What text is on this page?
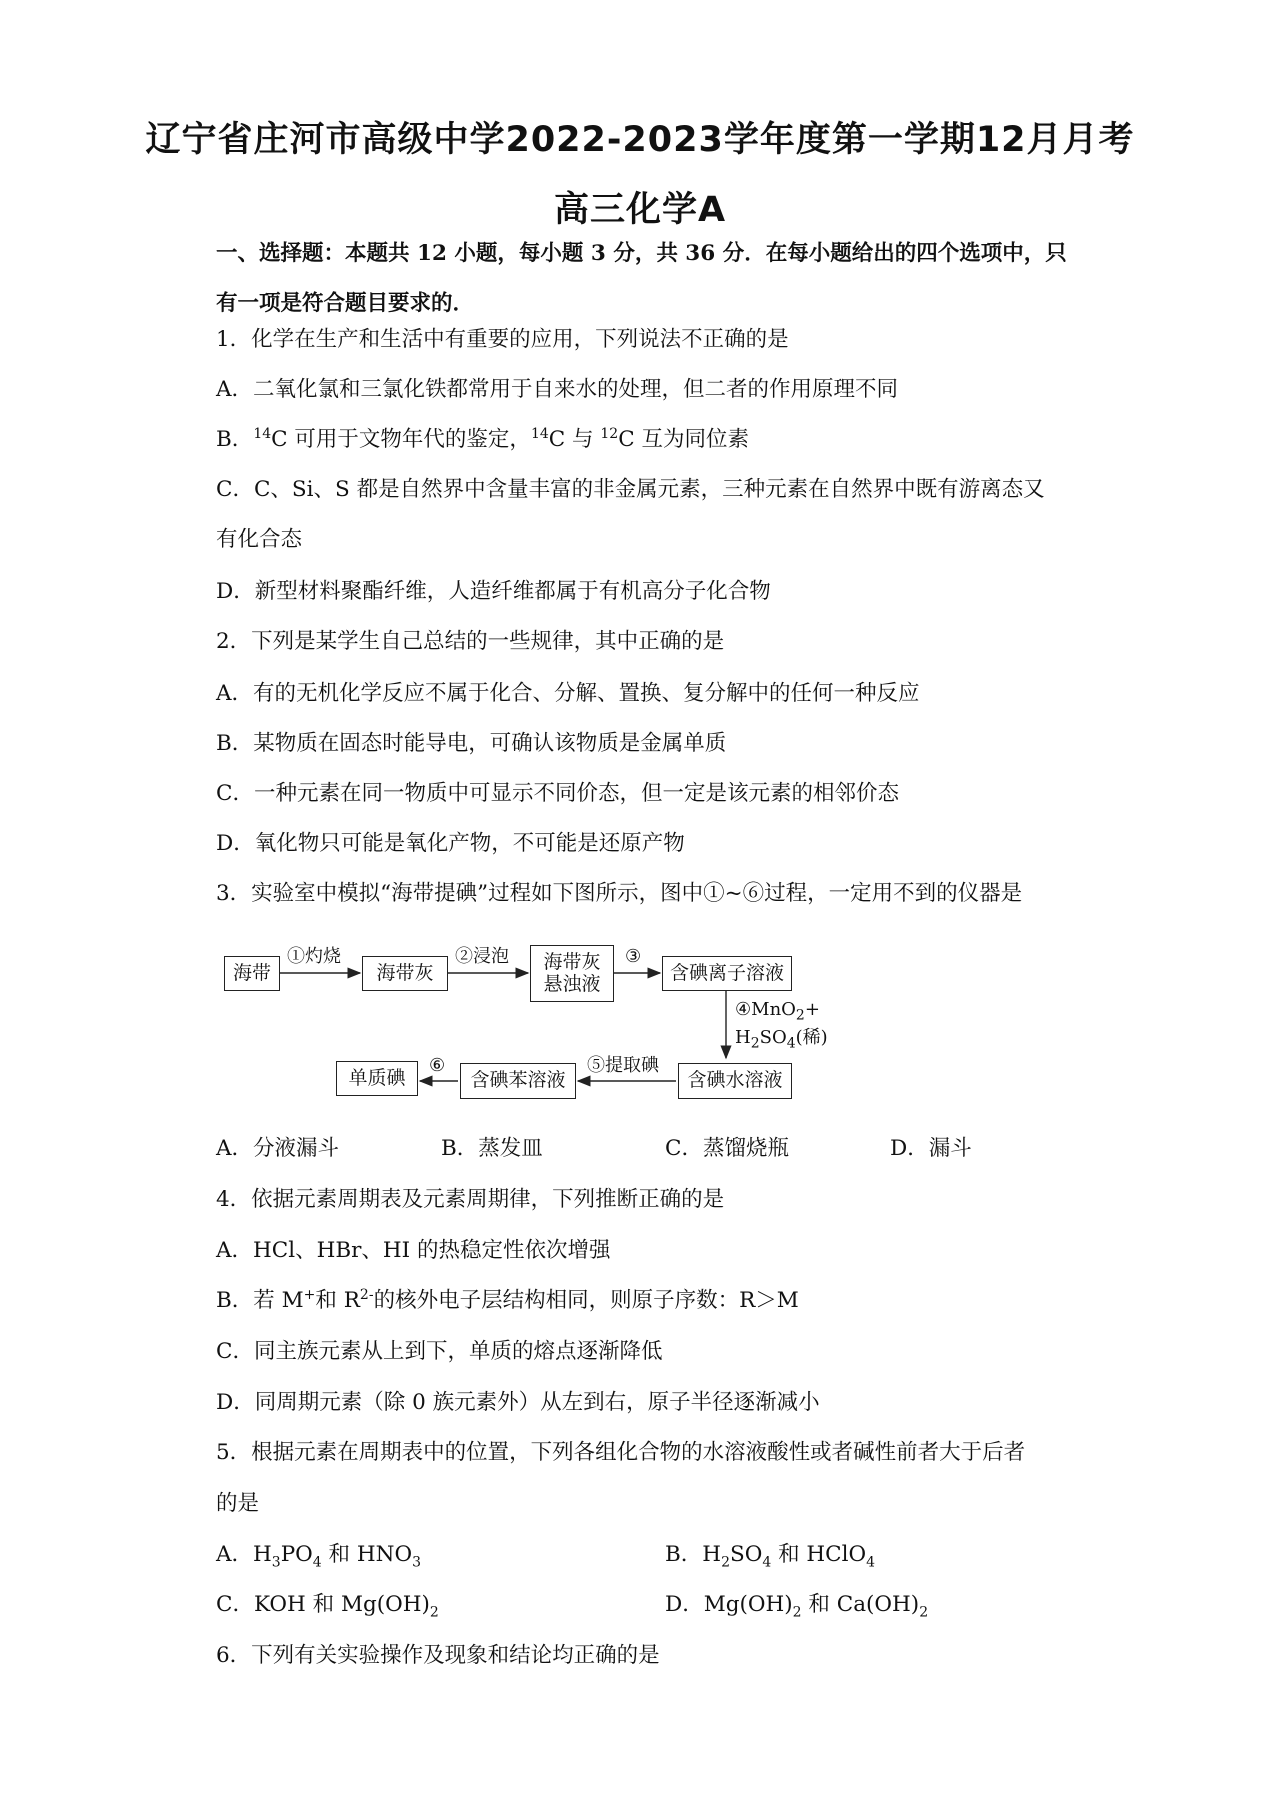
辽宁省庄河市高级中学2022-2023学年度第一学期12月月考
高三化学A
一、选择题：本题共 12 小题，每小题 3 分，共 36 分．在每小题给出的四个选项中，只
有一项是符合题目要求的．
1．化学在生产和生活中有重要的应用，下列说法不正确的是
A．二氧化氯和三氯化铁都常用于自来水的处理，但二者的作用原理不同
B．$^{14}$C 可用于文物年代的鉴定，$^{14}$C 与 $^{12}$C 互为同位素
C．C、Si、S 都是自然界中含量丰富的非金属元素，三种元素在自然界中既有游离态又
有化合态
D．新型材料聚酯纤维，人造纤维都属于有机高分子化合物
2．下列是某学生自己总结的一些规律，其中正确的是
A．有的无机化学反应不属于化合、分解、置换、复分解中的任何一种反应
B．某物质在固态时能导电，可确认该物质是金属单质
C．一种元素在同一物质中可显示不同价态，但一定是该元素的相邻价态
D．氧化物只可能是氧化产物，不可能是还原产物
3．实验室中模拟“海带提碘”过程如下图所示，图中①~⑥过程，一定用不到的仪器是
海带	海带灰	海带灰
悬浊液	含碘离子溶液
含碘水溶液
含碘苯溶液
单质碘
①灼烧	②浸泡	③
④MnO$_2$+
$H_2SO_4$(稀)
⑤提取碘
⑥
A．分液漏斗	B．蒸发皿	C．蒸馏烧瓶	D．漏斗
4．依据元素周期表及元素周期律，下列推断正确的是
A．HCl、HBr、HI 的热稳定性依次增强
B．若 M+和 $R^{2-}$的核外电子层结构相同，则原子序数：R＞M
C．同主族元素从上到下，单质的熔点逐渐降低
D．同周期元素（除 0 族元素外）从左到右，原子半径逐渐减小
5．根据元素在周期表中的位置，下列各组化合物的水溶液酸性或者碱性前者大于后者
的是
A．$H_3PO_4$ 和 $HNO_3$	B．$H_2SO_4$ 和 HClO$_4$
C．KOH 和 $Mg(OH)_2$	D．$Mg(OH)_2$ 和 $Ca(OH)_2$
6．下列有关实验操作及现象和结论均正确的是
